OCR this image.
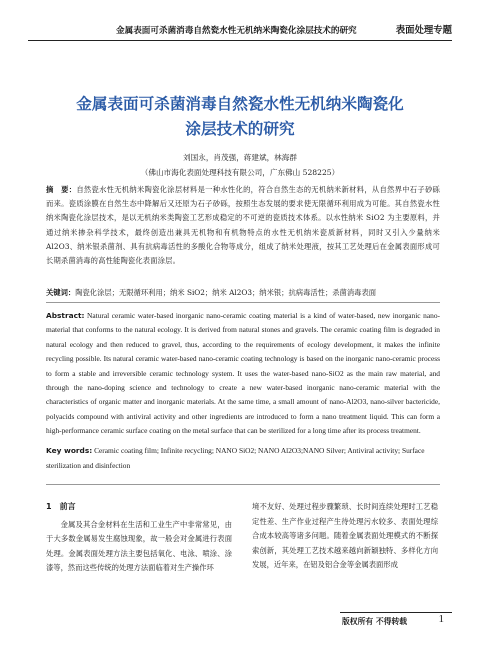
金属表面可杀菌消毒自然瓷水性无机纳米陶瓷化涂层技术的研究	表面处理专题
金属表面可杀菌消毒自然瓷水性无机纳米陶瓷化
涂层技术的研究
刘国永，肖茂强，蒋建斌，林海群
（佛山市海化表面处理科技有限公司，广东佛山 528225）
摘　要：自然瓷水性无机纳米陶瓷化涂层材料是一种水性化的，符合自然生态的无机纳米新材料，从自然界中石子砂砾而来。瓷质涂膜在自然生态中降解后又还原为石子砂砾，按照生态发展的要求使无限循环利用成为可能。其自然瓷水性纳米陶瓷化涂层技术，是以无机纳米类陶瓷工艺形成稳定的不可逆的瓷质技术体系。以水性纳米 SiO2 为主要原料，并通过纳米掺杂科学技术，最终创造出兼具无机物和有机物特点的水性无机纳米瓷质新材料，同时又引入少量纳米 Al2O3、纳米银杀菌剂、具有抗病毒活性的多酸化合物等成分，组成了纳米处理液，按其工艺处理后在金属表面形成可长期杀菌消毒的高性能陶瓷化表面涂层。
关键词：陶瓷化涂层；无限循环利用；纳米 SiO2；纳米 Al2O3；纳米银；抗病毒活性；杀菌消毒表面
Abstract: Natural ceramic water-based inorganic nano-ceramic coating material is a kind of water-based, new inorganic nano-material that conforms to the natural ecology. It is derived from natural stones and gravels. The ceramic coating film is degraded in natural ecology and then reduced to gravel, thus, according to the requirements of ecology development, it makes the infinite recycling possible. Its natural ceramic water-based nano-ceramic coating technology is based on the inorganic nano-ceramic process to form a stable and irreversible ceramic technology system. It uses the water-based nano-SiO2 as the main raw material, and through the nano-doping science and technology to create a new water-based inorganic nano-ceramic material with the characteristics of organic matter and inorganic materials. At the same time, a small amount of nano-Al2O3, nano-silver bactericide, polyacids compound with antiviral activity and other ingredients are introduced to form a nano treatment liquid. This can form a high-performance ceramic surface coating on the metal surface that can be sterilized for a long time after its process treatment.
Key words: Ceramic coating film; Infinite recycling; NANO SiO2; NANO Al2O3;NANO Silver; Antiviral activity; Surface sterilization and disinfection
1　前言
金属及其合金材料在生活和工业生产中非常常见，由于大多数金属易发生腐蚀现象，故一般会对金属进行表面处理。金属表面处理方法主要包括氧化、电泳、喷涂、涂漆等，然而这些传统的处理方法面临着对生产操作环
境不友好、处理过程步骤繁琐、长时间连续处理时工艺稳定性差、生产作业过程产生待处理污水较多、表面处理综合成本较高等诸多问题。随着金属表面处理模式的不断探索创新，其处理工艺技术越来越向新颖独特、多样化方向发展，近年来，在铝及铝合金等金属表面形成
版权所有 不得转载	1
